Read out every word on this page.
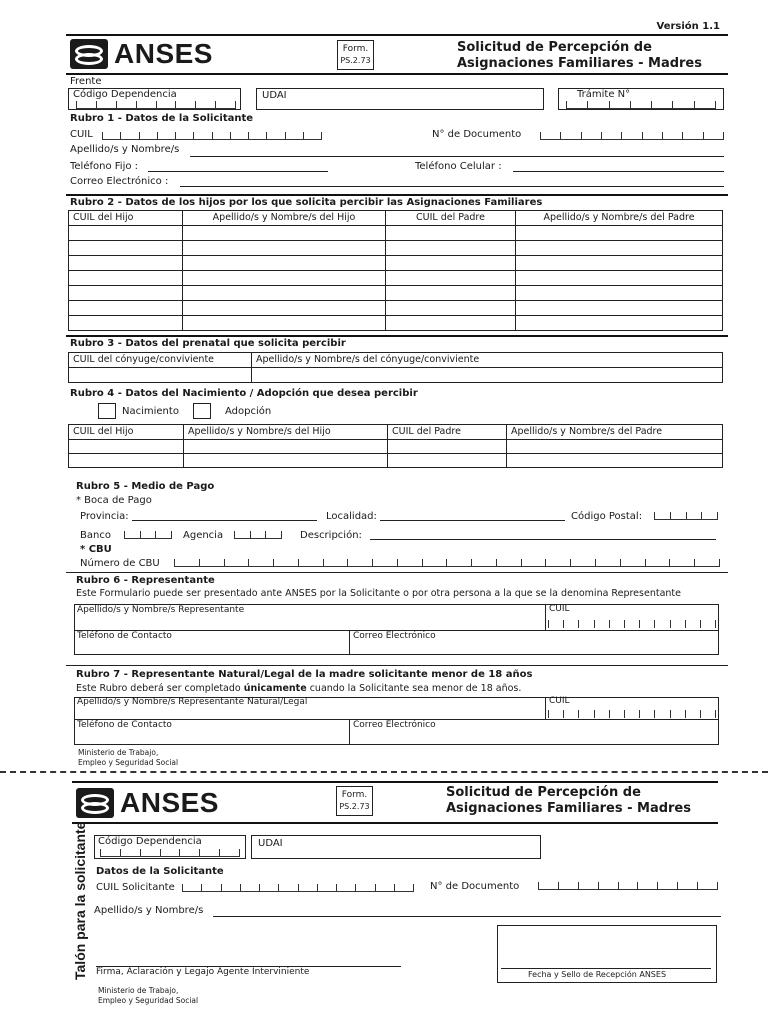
Versión 1.1
ANSES	Form.
PS.2.73
Solicitud de Percepción de
Asignaciones Familiares - Madres
Frente
Código Dependencia	UDAI	Trámite N°
Rubro 1 - Datos de la Solicitante
CUIL	N° de Documento
Apellido/s y Nombre/s
Teléfono Fijo :	Teléfono Celular :
Correo Electrónico :
Rubro 2 - Datos de los hijos por los que solicita percibir las Asignaciones Familiares
CUIL del Hijo	Apellido/s y Nombre/s del Hijo	CUIL del Padre	Apellido/s y Nombre/s del Padre

Rubro 3 - Datos del prenatal que solicita percibir
CUIL del cónyuge/conviviente	Apellido/s y Nombre/s del cónyuge/conviviente

Rubro 4 - Datos del Nacimiento / Adopción que desea percibir
Nacimiento	Adopción
CUIL del Hijo	Apellido/s y Nombre/s del Hijo	CUIL del Padre	Apellido/s y Nombre/s del Padre

Rubro 5 - Medio de Pago
* Boca de Pago
Provincia:	Localidad:	Código Postal:
Banco	Agencia	Descripción:
* CBU
Número de CBU
Rubro 6 - Representante
Este Formulario puede ser presentado ante ANSES por la Solicitante o por otra persona a la que se la denomina Representante
Apellido/s y Nombre/s Representante	CUIL
Teléfono de Contacto	Correo Electrónico
Rubro 7 - Representante Natural/Legal de la madre solicitante menor de 18 años
Este Rubro deberá ser completado únicamente cuando la Solicitante sea menor de 18 años.
Apellido/s y Nombre/s Representante Natural/Legal	CUIL
Teléfono de Contacto	Correo Electrónico
Ministerio de Trabajo,
Empleo y Seguridad Social
ANSES	Form.
PS.2.73
Solicitud de Percepción de
Asignaciones Familiares - Madres
Talón para la solicitante Código Dependencia	UDAI
Datos de la Solicitante
CUIL Solicitante	N° de Documento
Apellido/s y Nombre/s
Fecha y Sello de Recepción ANSES
Firma, Aclaración y Legajo Agente Interviniente
Ministerio de Trabajo,
Empleo y Seguridad Social
